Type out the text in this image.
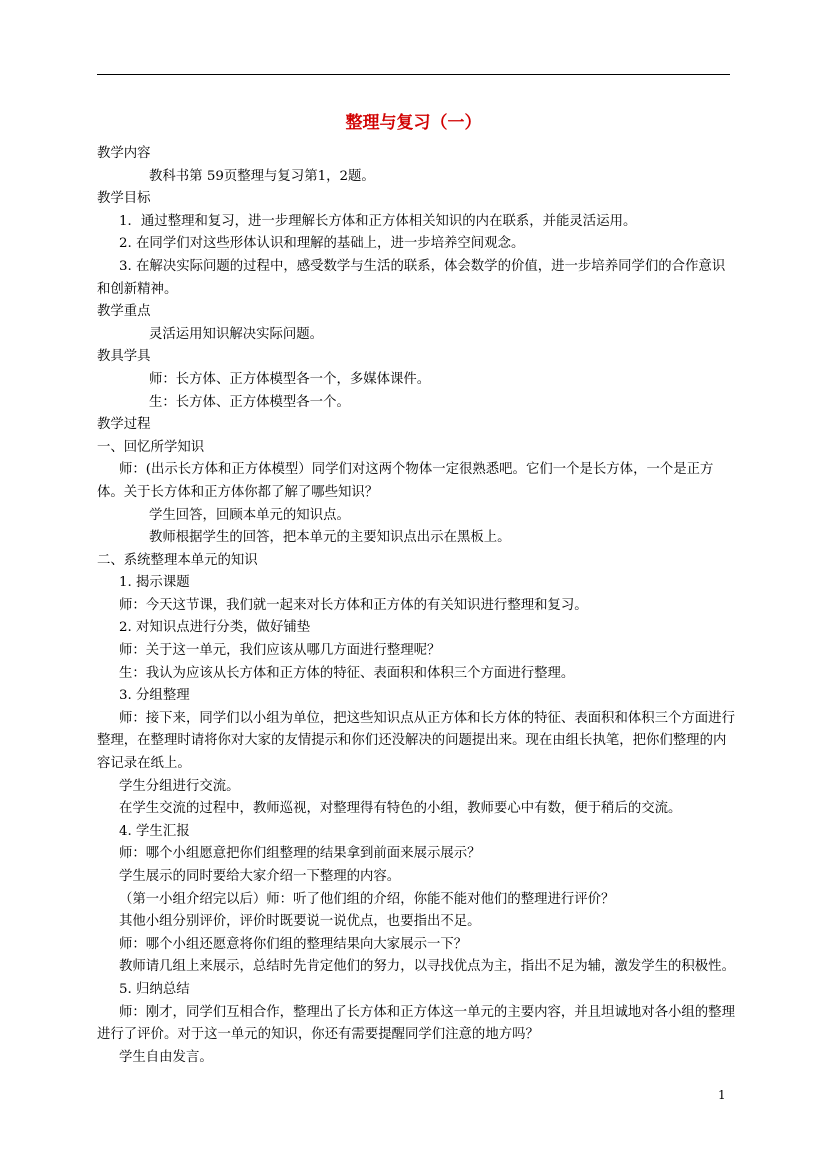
整理与复习（一）

教学内容

教科书第 59页整理与复习第1，2题。

教学目标

1．通过整理和复习，进一步理解长方体和正方体相关知识的内在联系，并能灵活运用。

2. 在同学们对这些形体认识和理解的基础上，进一步培养空间观念。

3. 在解决实际问题的过程中，感受数学与生活的联系，体会数学的价值，进一步培养同学们的合作意识和创新精神。

教学重点

灵活运用知识解决实际问题。

教具学具

师：长方体、正方体模型各一个，多媒体课件。

生：长方体、正方体模型各一个。

教学过程

一、回忆所学知识

师：(出示长方体和正方体模型）同学们对这两个物体一定很熟悉吧。它们一个是长方体，一个是正方体。关于长方体和正方体你都了解了哪些知识？

学生回答，回顾本单元的知识点。

教师根据学生的回答，把本单元的主要知识点出示在黑板上。

二、系统整理本单元的知识

1. 揭示课题

师：今天这节课，我们就一起来对长方体和正方体的有关知识进行整理和复习。

2. 对知识点进行分类，做好铺垫

师：关于这一单元，我们应该从哪几方面进行整理呢？

生：我认为应该从长方体和正方体的特征、表面积和体积三个方面进行整理。

3. 分组整理

师：接下来，同学们以小组为单位，把这些知识点从正方体和长方体的特征、表面积和体积三个方面进行整理，在整理时请将你对大家的友情提示和你们还没解决的问题提出来。现在由组长执笔，把你们整理的内容记录在纸上。

学生分组进行交流。

在学生交流的过程中，教师巡视，对整理得有特色的小组，教师要心中有数，便于稍后的交流。

4. 学生汇报

师：哪个小组愿意把你们组整理的结果拿到前面来展示展示？

学生展示的同时要给大家介绍一下整理的内容。

（第一小组介绍完以后）师：听了他们组的介绍，你能不能对他们的整理进行评价？

其他小组分别评价，评价时既要说一说优点，也要指出不足。

师：哪个小组还愿意将你们组的整理结果向大家展示一下？

教师请几组上来展示，总结时先肯定他们的努力，以寻找优点为主，指出不足为辅，激发学生的积极性。

5. 归纳总结

师：刚才，同学们互相合作，整理出了长方体和正方体这一单元的主要内容，并且坦诚地对各小组的整理进行了评价。对于这一单元的知识，你还有需要提醒同学们注意的地方吗？

学生自由发言。

1
